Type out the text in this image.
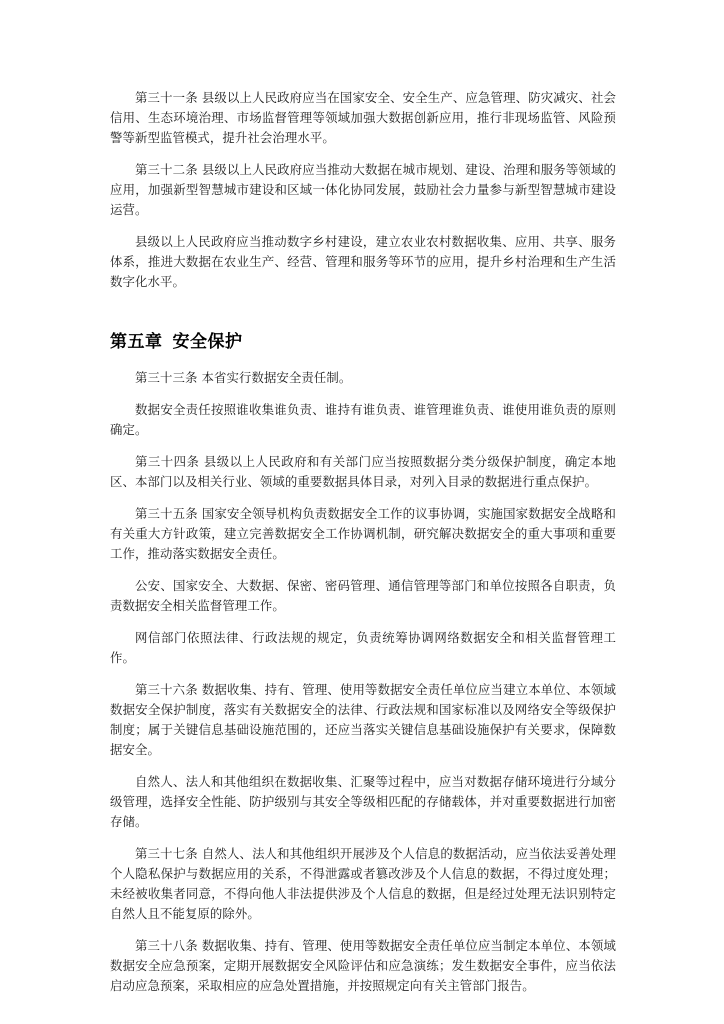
第三十一条 县级以上人民政府应当在国家安全、安全生产、应急管理、防灾减灾、社会信用、生态环境治理、市场监督管理等领域加强大数据创新应用，推行非现场监管、风险预警等新型监管模式，提升社会治理水平。

第三十二条 县级以上人民政府应当推动大数据在城市规划、建设、治理和服务等领域的应用，加强新型智慧城市建设和区域一体化协同发展，鼓励社会力量参与新型智慧城市建设运营。

县级以上人民政府应当推动数字乡村建设，建立农业农村数据收集、应用、共享、服务体系，推进大数据在农业生产、经营、管理和服务等环节的应用，提升乡村治理和生产生活数字化水平。

第五章 安全保护

第三十三条 本省实行数据安全责任制。

数据安全责任按照谁收集谁负责、谁持有谁负责、谁管理谁负责、谁使用谁负责的原则确定。

第三十四条 县级以上人民政府和有关部门应当按照数据分类分级保护制度，确定本地区、本部门以及相关行业、领域的重要数据具体目录，对列入目录的数据进行重点保护。

第三十五条 国家安全领导机构负责数据安全工作的议事协调，实施国家数据安全战略和有关重大方针政策，建立完善数据安全工作协调机制，研究解决数据安全的重大事项和重要工作，推动落实数据安全责任。

公安、国家安全、大数据、保密、密码管理、通信管理等部门和单位按照各自职责，负责数据安全相关监督管理工作。

网信部门依照法律、行政法规的规定，负责统筹协调网络数据安全和相关监督管理工作。

第三十六条 数据收集、持有、管理、使用等数据安全责任单位应当建立本单位、本领域数据安全保护制度，落实有关数据安全的法律、行政法规和国家标准以及网络安全等级保护制度；属于关键信息基础设施范围的，还应当落实关键信息基础设施保护有关要求，保障数据安全。

自然人、法人和其他组织在数据收集、汇聚等过程中，应当对数据存储环境进行分域分级管理，选择安全性能、防护级别与其安全等级相匹配的存储载体，并对重要数据进行加密存储。

第三十七条 自然人、法人和其他组织开展涉及个人信息的数据活动，应当依法妥善处理个人隐私保护与数据应用的关系，不得泄露或者篡改涉及个人信息的数据，不得过度处理；未经被收集者同意，不得向他人非法提供涉及个人信息的数据，但是经过处理无法识别特定自然人且不能复原的除外。

第三十八条 数据收集、持有、管理、使用等数据安全责任单位应当制定本单位、本领域数据安全应急预案，定期开展数据安全风险评估和应急演练；发生数据安全事件，应当依法启动应急预案，采取相应的应急处置措施，并按照规定向有关主管部门报告。
